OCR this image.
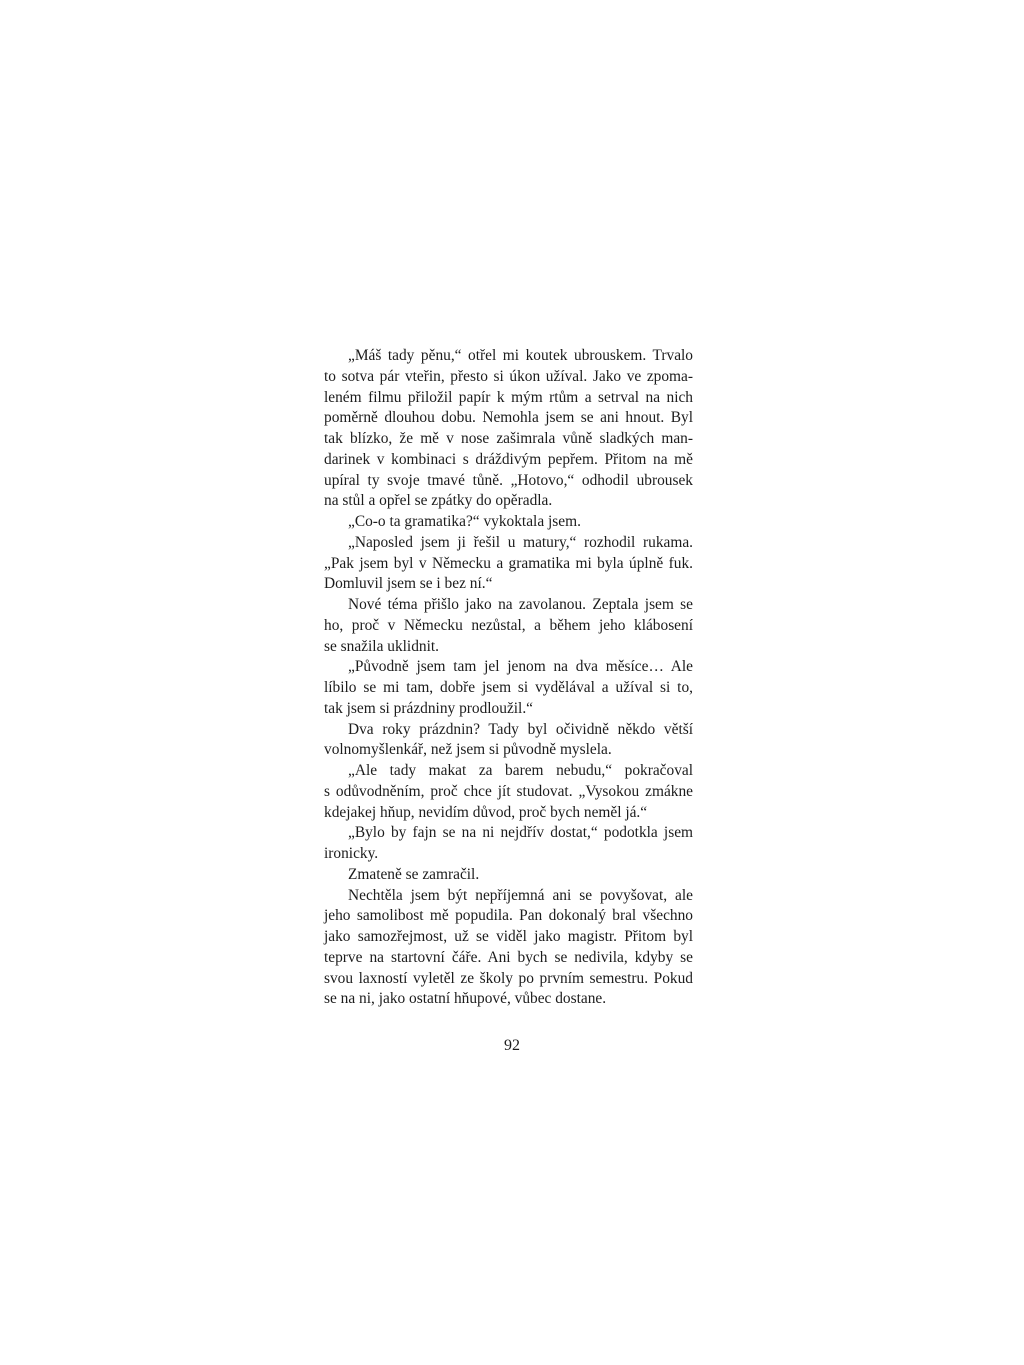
„Máš tady pěnu,“ otřel mi koutek ubrouskem. Trvalo
to sotva pár vteřin, přesto si úkon užíval. Jako ve zpoma-
leném filmu přiložil papír k mým rtům a setrval na nich
poměrně dlouhou dobu. Nemohla jsem se ani hnout. Byl
tak blízko, že mě v nose zašimrala vůně sladkých man-
darinek v kombinaci s dráždivým pepřem. Přitom na mě
upíral ty svoje tmavé tůně. „Hotovo,“ odhodil ubrousek
na stůl a opřel se zpátky do opěradla.
„Co-o ta gramatika?“ vykoktala jsem.
„Naposled jsem ji řešil u matury,“ rozhodil rukama.
„Pak jsem byl v Německu a gramatika mi byla úplně fuk.
Domluvil jsem se i bez ní.“
Nové téma přišlo jako na zavolanou. Zeptala jsem se
ho, proč v Německu nezůstal, a během jeho klábosení
se snažila uklidnit.
„Původně jsem tam jel jenom na dva měsíce… Ale
líbilo se mi tam, dobře jsem si vydělával a užíval si to,
tak jsem si prázdniny prodloužil.“
Dva roky prázdnin? Tady byl očividně někdo větší
volnomyšlenkář, než jsem si původně myslela.
„Ale tady makat za barem nebudu,“ pokračoval
s odůvodněním, proč chce jít studovat. „Vysokou zmákne
kdejakej hňup, nevidím důvod, proč bych neměl já.“
„Bylo by fajn se na ni nejdřív dostat,“ podotkla jsem
ironicky.
Zmateně se zamračil.
Nechtěla jsem být nepříjemná ani se povyšovat, ale
jeho samolibost mě popudila. Pan dokonalý bral všechno
jako samozřejmost, už se viděl jako magistr. Přitom byl
teprve na startovní čáře. Ani bych se nedivila, kdyby se
svou laxností vyletěl ze školy po prvním semestru. Pokud
se na ni, jako ostatní hňupové, vůbec dostane.
92
